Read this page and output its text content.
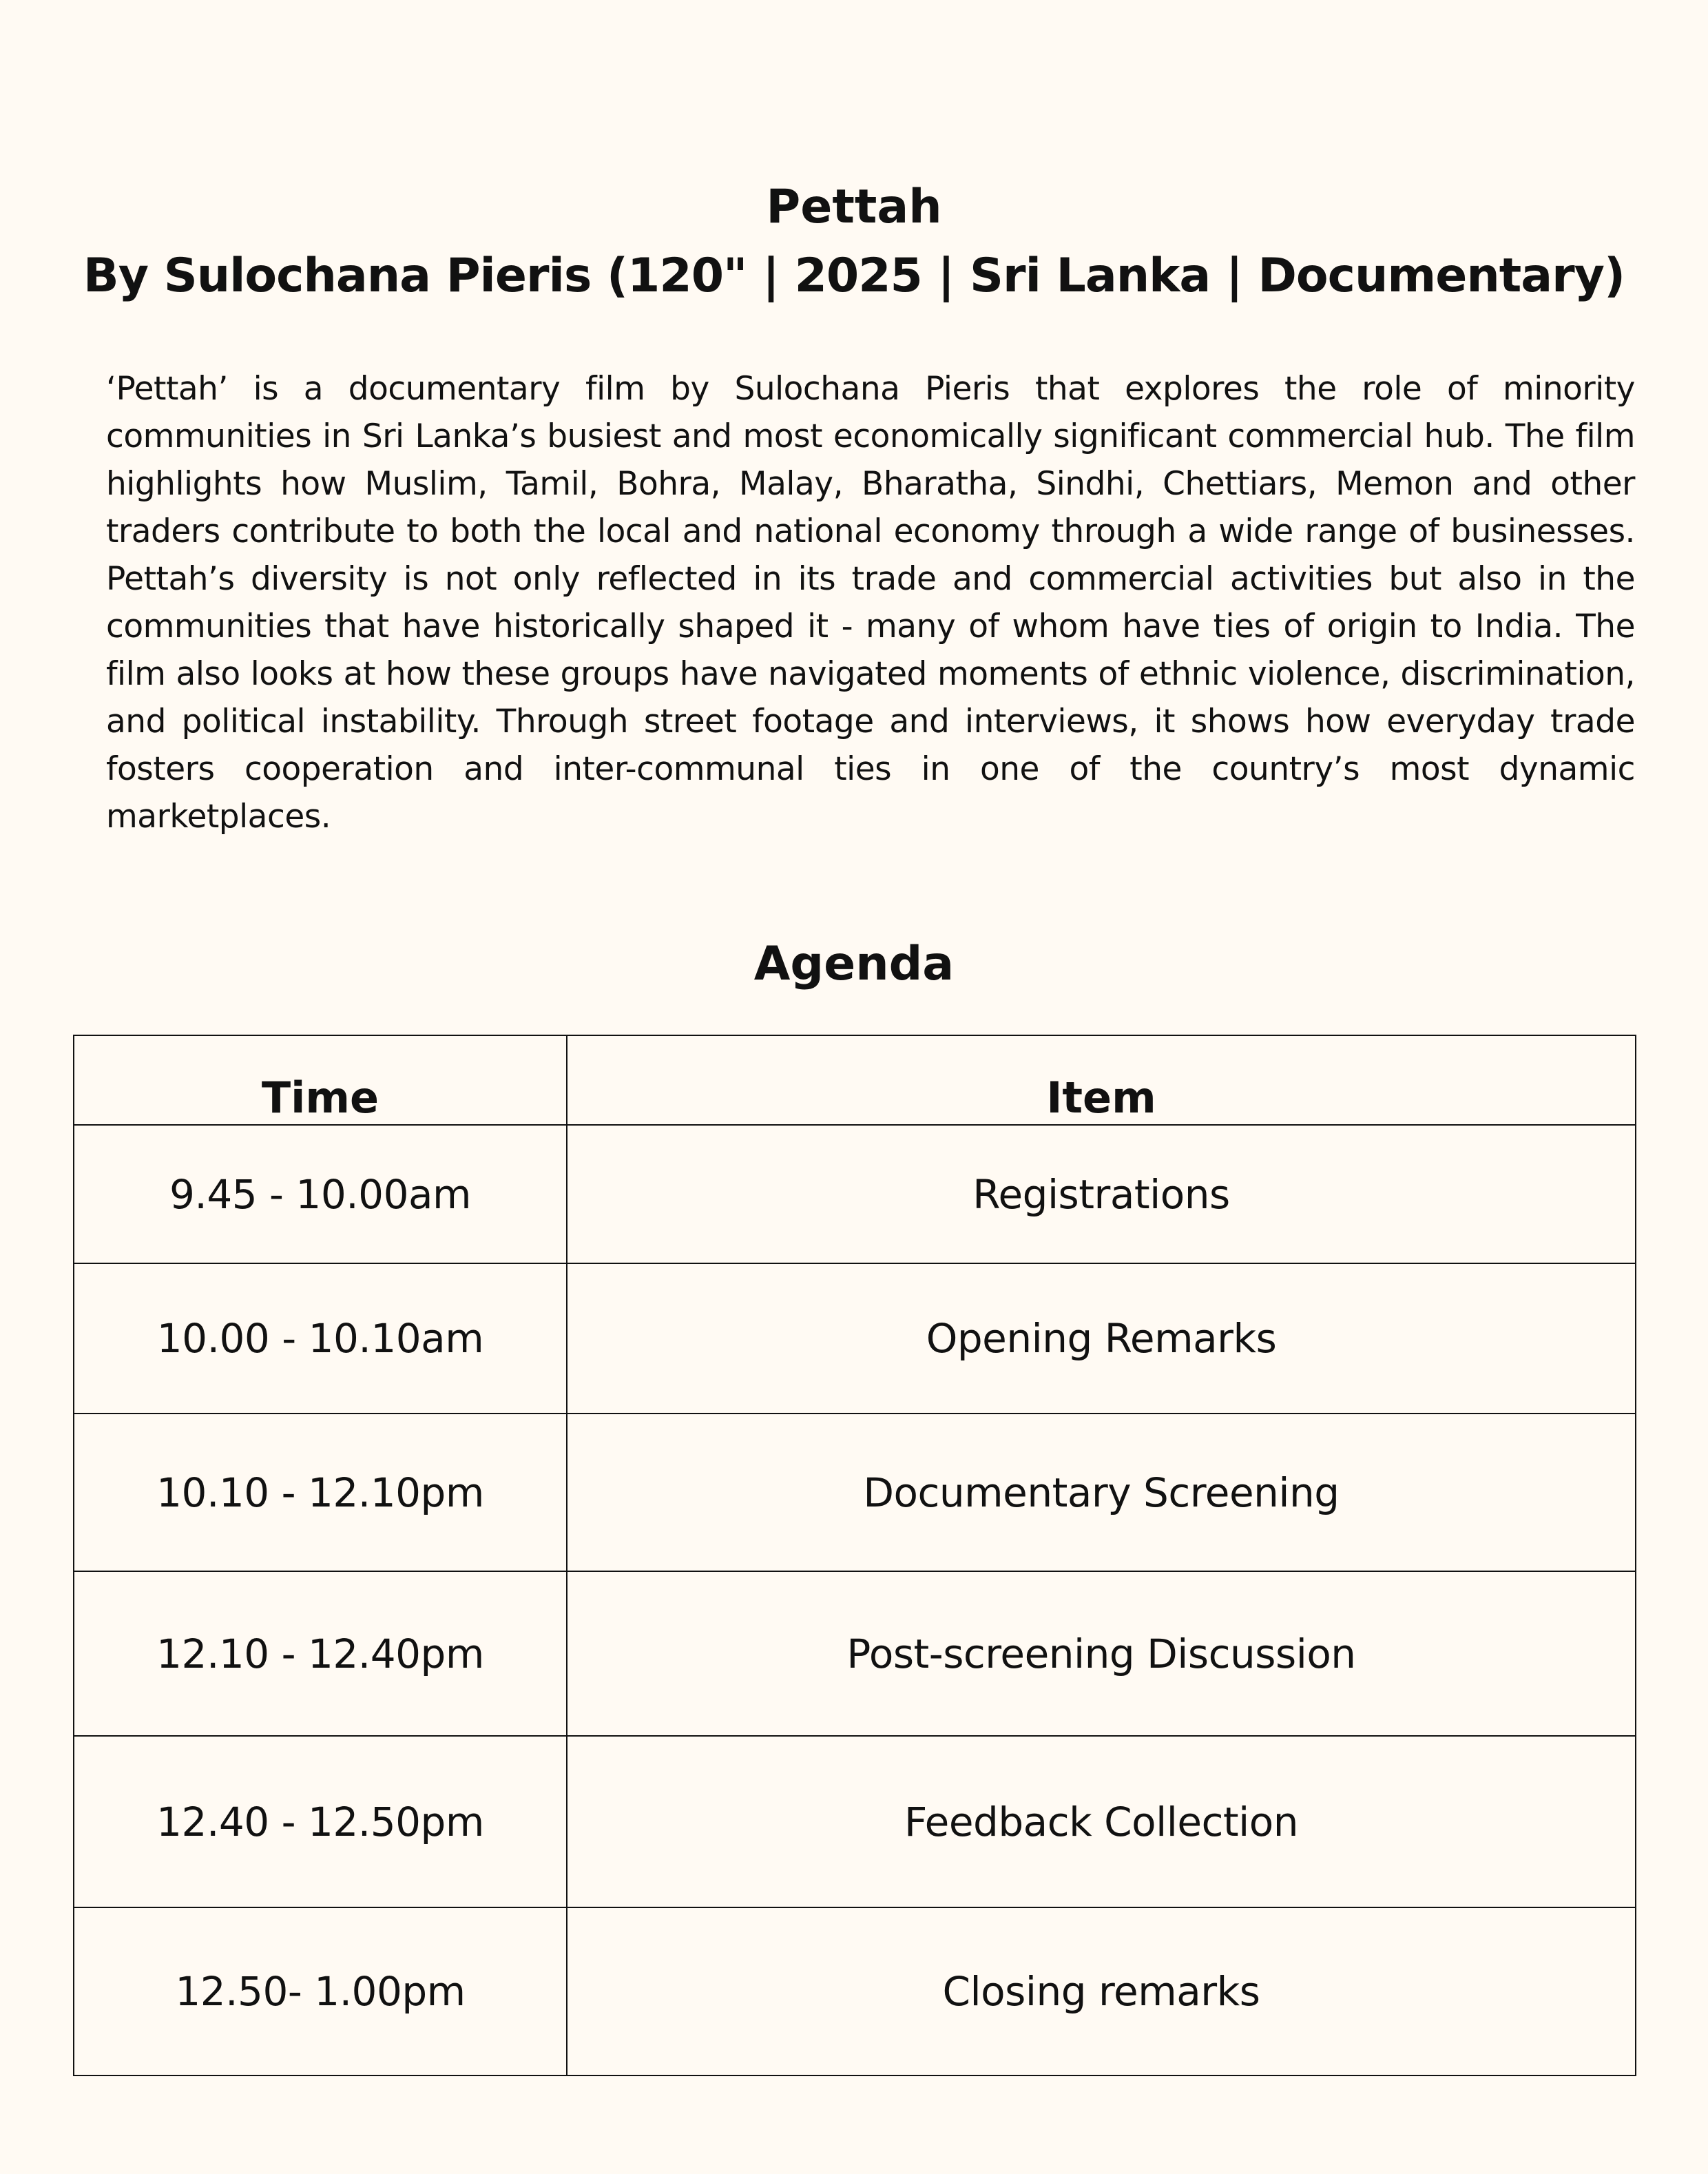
Pettah
By Sulochana Pieris (120" | 2025 | Sri Lanka | Documentary)

‘Pettah’ is a documentary film by Sulochana Pieris that explores the role of minority communities in Sri Lanka’s busiest and most economically significant commercial hub. The film highlights how Muslim, Tamil, Bohra, Malay, Bharatha, Sindhi, Chettiars, Memon and other traders contribute to both the local and national economy through a wide range of businesses. Pettah’s diversity is not only reflected in its trade and commercial activities but also in the communities that have historically shaped it - many of whom have ties of origin to India. The film also looks at how these groups have navigated moments of ethnic violence, discrimination, and political instability. Through street footage and interviews, it shows how everyday trade fosters cooperation and inter-communal ties in one of the country’s most dynamic marketplaces.

Agenda
Time	Item
9.45 - 10.00am	Registrations
10.00 - 10.10am	Opening Remarks
10.10 - 12.10pm	Documentary Screening
12.10 - 12.40pm	Post-screening Discussion
12.40 - 12.50pm	Feedback Collection
12.50- 1.00pm	Closing remarks
